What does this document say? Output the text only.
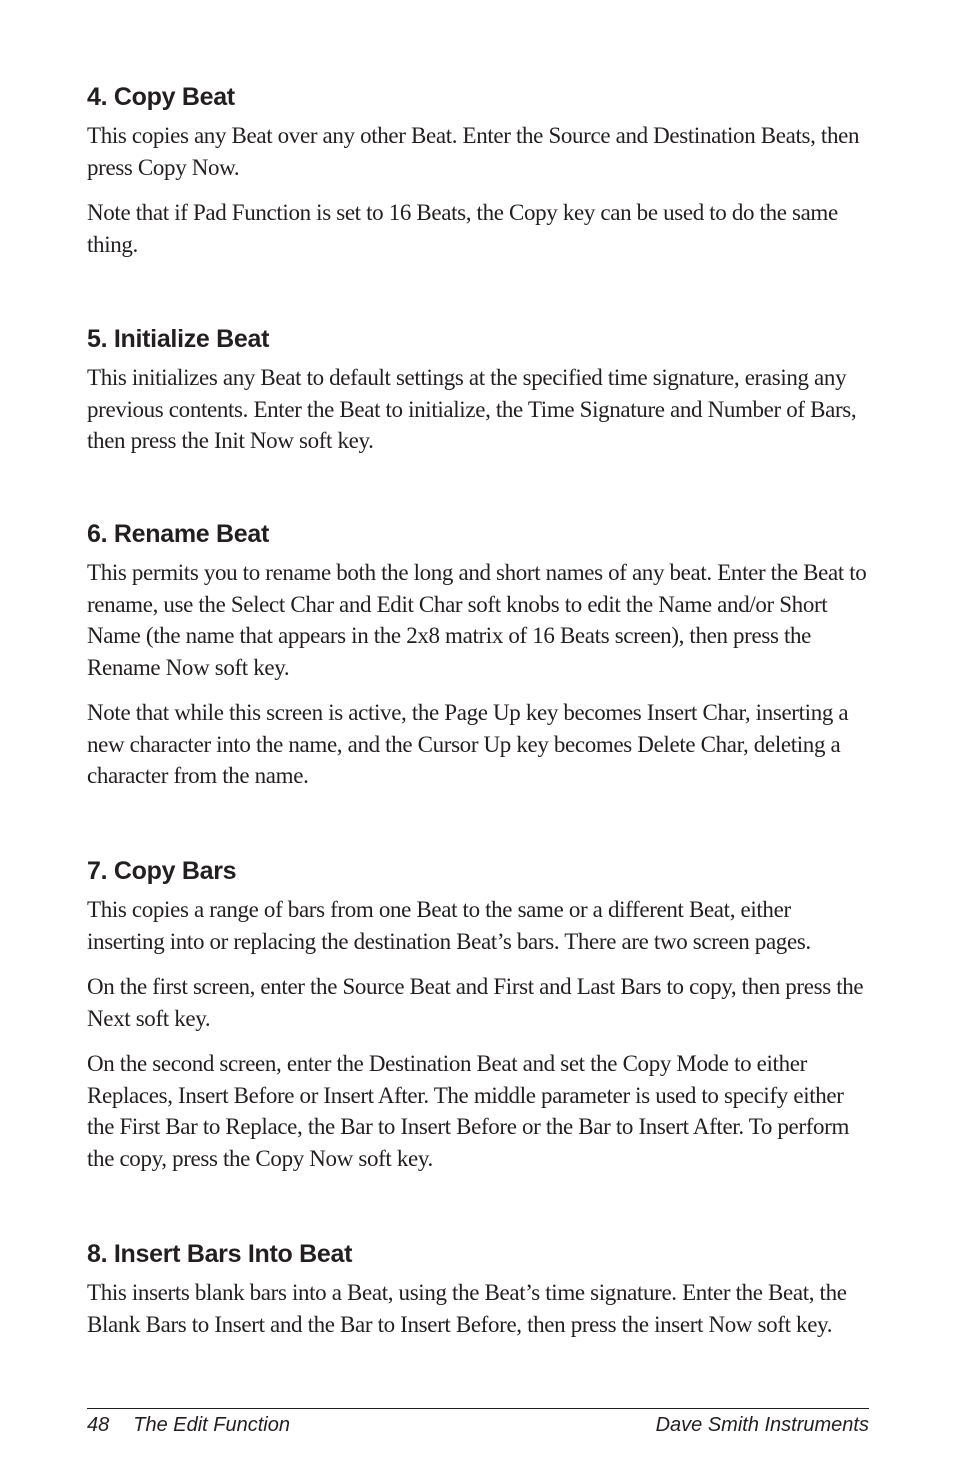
4. Copy Beat

This copies any Beat over any other Beat. Enter the Source and Destination Beats, then press Copy Now.

Note that if Pad Function is set to 16 Beats, the Copy key can be used to do the same thing.

5. Initialize Beat

This initializes any Beat to default settings at the specified time signature, erasing any previous contents. Enter the Beat to initialize, the Time Signature and Number of Bars, then press the Init Now soft key.

6. Rename Beat

This permits you to rename both the long and short names of any beat. Enter the Beat to rename, use the Select Char and Edit Char soft knobs to edit the Name and/or Short Name (the name that appears in the 2x8 matrix of 16 Beats screen), then press the Rename Now soft key.

Note that while this screen is active, the Page Up key becomes Insert Char, inserting a new character into the name, and the Cursor Up key becomes Delete Char, deleting a character from the name.

7. Copy Bars

This copies a range of bars from one Beat to the same or a different Beat, either inserting into or replacing the destination Beat’s bars. There are two screen pages.

On the first screen, enter the Source Beat and First and Last Bars to copy, then press the Next soft key.

On the second screen, enter the Destination Beat and set the Copy Mode to either Replaces, Insert Before or Insert After. The middle parameter is used to specify either the First Bar to Replace, the Bar to Insert Before or the Bar to Insert After. To perform the copy, press the Copy Now soft key.

8. Insert Bars Into Beat

This inserts blank bars into a Beat, using the Beat’s time signature. Enter the Beat, the Blank Bars to Insert and the Bar to Insert Before, then press the insert Now soft key.

48 The Edit Function	Dave Smith Instruments
